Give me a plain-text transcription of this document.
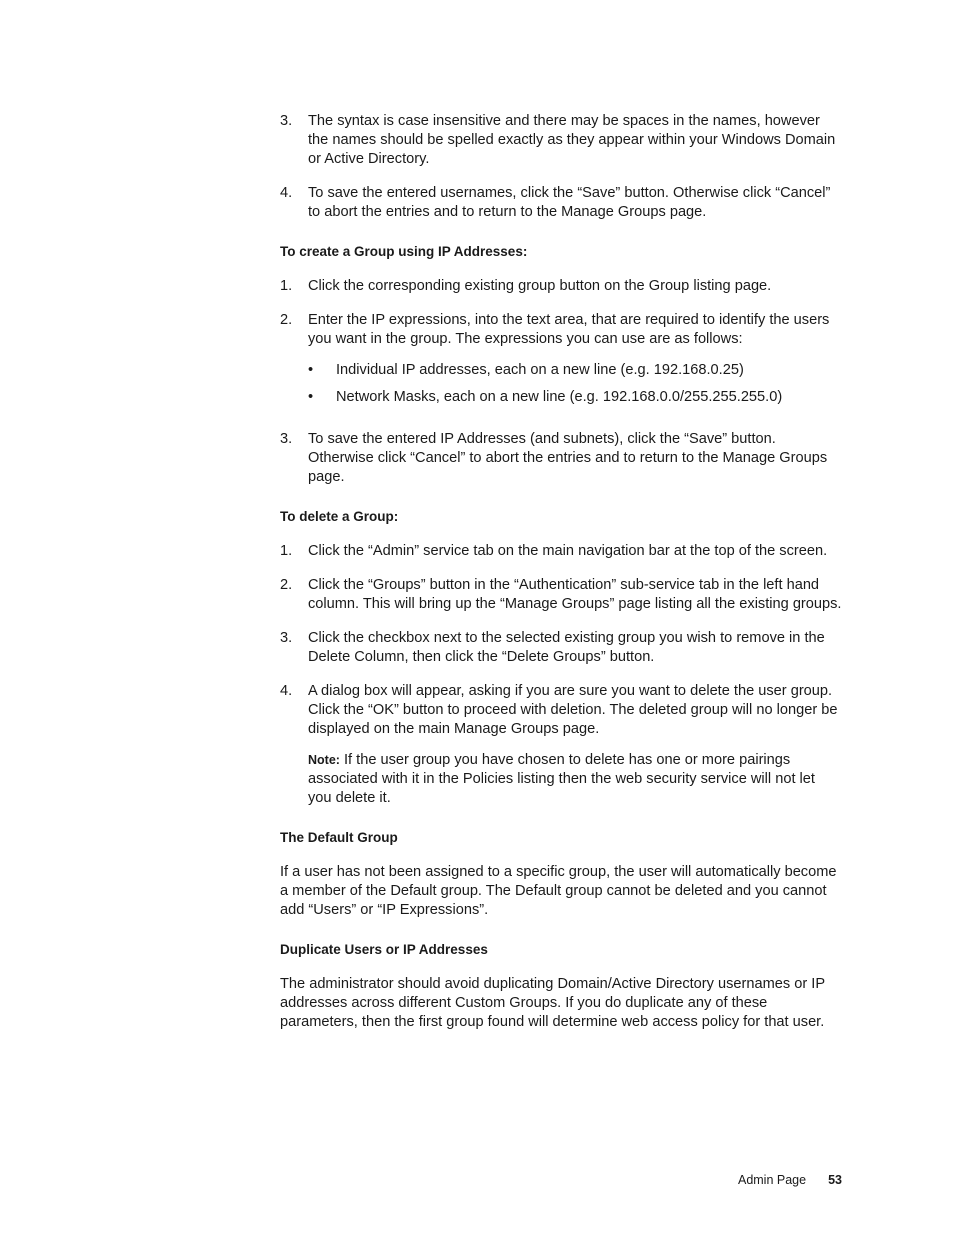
3.	The syntax is case insensitive and there may be spaces in the names, however the names should be spelled exactly as they appear within your Windows Domain or Active Directory.
4.	To save the entered usernames, click the “Save” button. Otherwise click “Cancel” to abort the entries and to return to the Manage Groups page.
To create a Group using IP Addresses:
1.	Click the corresponding existing group button on the Group listing page.
2.	Enter the IP expressions, into the text area, that are required to identify the users you want in the group. The expressions you can use are as follows:
•	Individual IP addresses, each on a new line (e.g. 192.168.0.25)
•	Network Masks, each on a new line (e.g. 192.168.0.0/255.255.255.0)
3.	To save the entered IP Addresses (and subnets), click the “Save” button. Otherwise click “Cancel” to abort the entries and to return to the Manage Groups page.
To delete a Group:
1.	Click the “Admin” service tab on the main navigation bar at the top of the screen.
2.	Click the “Groups” button in the “Authentication” sub-service tab in the left hand column. This will bring up the “Manage Groups” page listing all the existing groups.
3.	Click the checkbox next to the selected existing group you wish to remove in the Delete Column, then click the “Delete Groups” button.
4.	A dialog box will appear, asking if you are sure you want to delete the user group. Click the “OK” button to proceed with deletion. The deleted group will no longer be displayed on the main Manage Groups page.
Note: If the user group you have chosen to delete has one or more pairings associated with it in the Policies listing then the web security service will not let you delete it.
The Default Group
If a user has not been assigned to a specific group, the user will automatically become a member of the Default group. The Default group cannot be deleted and you cannot add “Users” or “IP Expressions”.
Duplicate Users or IP Addresses
The administrator should avoid duplicating Domain/Active Directory usernames or IP addresses across different Custom Groups. If you do duplicate any of these parameters, then the first group found will determine web access policy for that user.
Admin Page 53
